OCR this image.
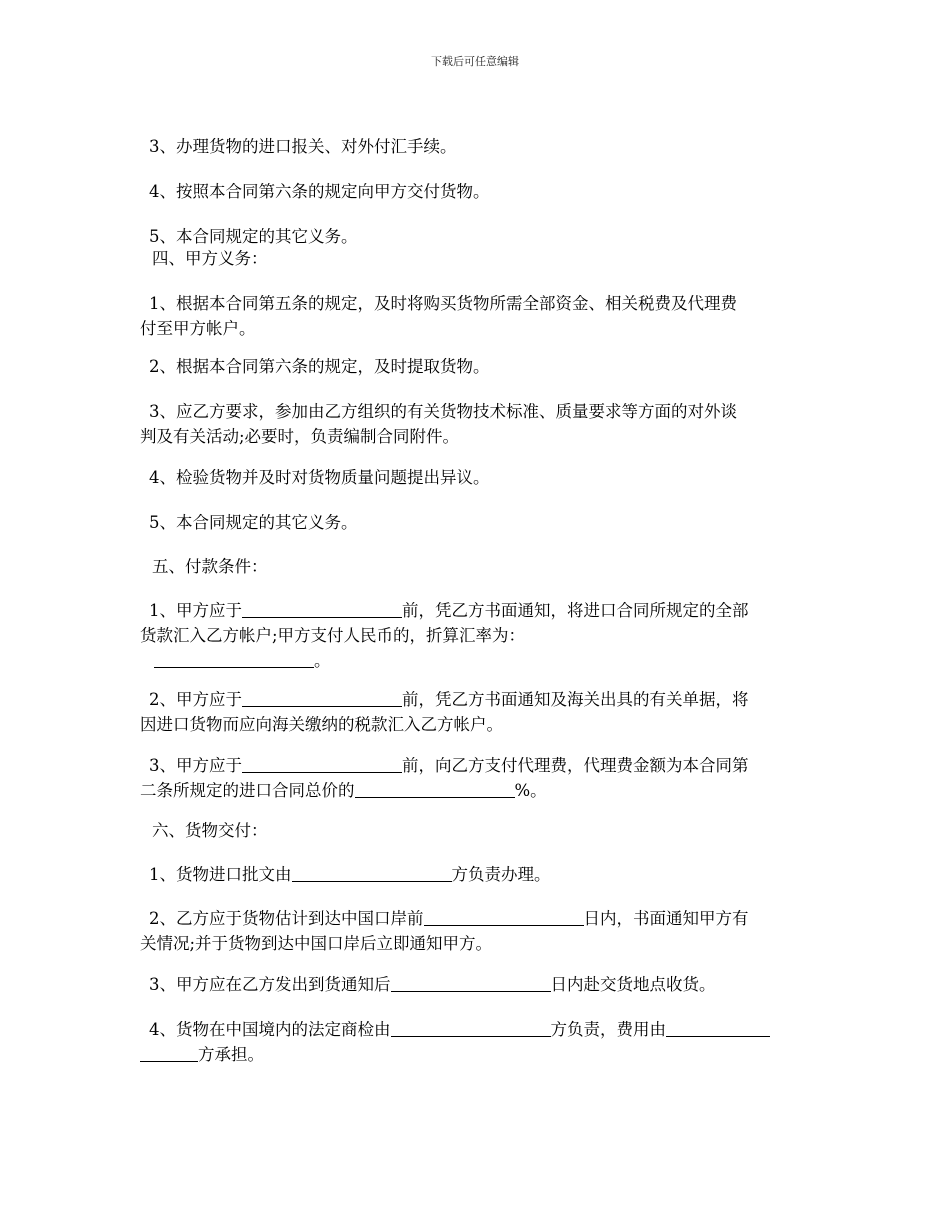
下载后可任意编辑
3、办理货物的进口报关、对外付汇手续。
4、按照本合同第六条的规定向甲方交付货物。
5、本合同规定的其它义务。
四、甲方义务：
1、根据本合同第五条的规定，及时将购买货物所需全部资金、相关税费及代理费
付至甲方帐户。
2、根据本合同第六条的规定，及时提取货物。
3、应乙方要求，参加由乙方组织的有关货物技术标准、质量要求等方面的对外谈
判及有关活动;必要时，负责编制合同附件。
4、检验货物并及时对货物质量问题提出异议。
5、本合同规定的其它义务。
五、付款条件：
1、甲方应于	前，凭乙方书面通知，将进口合同所规定的全部
货款汇入乙方帐户;甲方支付人民币的，折算汇率为：
。
2、甲方应于	前，凭乙方书面通知及海关出具的有关单据，将
因进口货物而应向海关缴纳的税款汇入乙方帐户。
3、甲方应于	前，向乙方支付代理费，代理费金额为本合同第
二条所规定的进口合同总价的	%。
六、货物交付：
1、货物进口批文由	方负责办理。
2、乙方应于货物估计到达中国口岸前	日内，书面通知甲方有
关情况;并于货物到达中国口岸后立即通知甲方。
3、甲方应在乙方发出到货通知后	日内赴交货地点收货。
4、货物在中国境内的法定商检由	方负责，费用由
方承担。
